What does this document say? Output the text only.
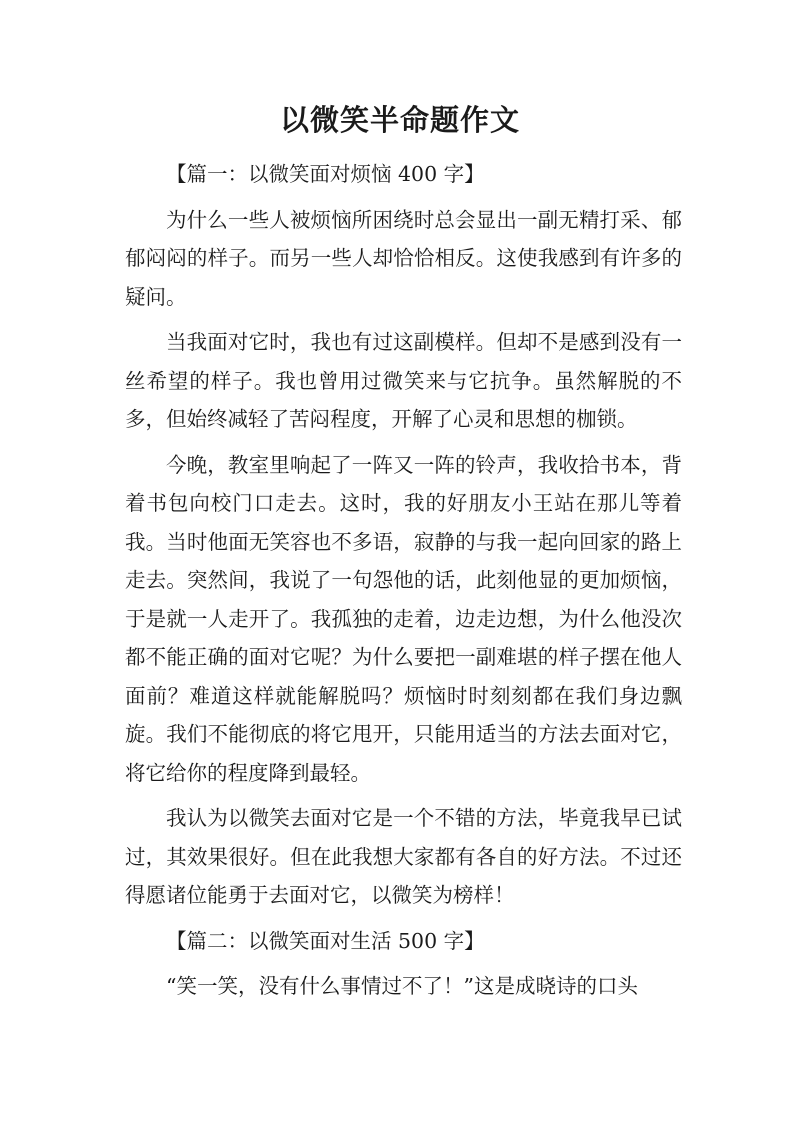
以微笑半命题作文

【篇一：以微笑面对烦恼 400 字】

为什么一些人被烦恼所困绕时总会显出一副无精打采、郁郁闷闷的样子。而另一些人却恰恰相反。这使我感到有许多的疑问。

当我面对它时，我也有过这副模样。但却不是感到没有一丝希望的样子。我也曾用过微笑来与它抗争。虽然解脱的不多，但始终减轻了苦闷程度，开解了心灵和思想的枷锁。

今晚，教室里响起了一阵又一阵的铃声，我收拾书本，背着书包向校门口走去。这时，我的好朋友小王站在那儿等着我。当时他面无笑容也不多语，寂静的与我一起向回家的路上走去。突然间，我说了一句怨他的话，此刻他显的更加烦恼，于是就一人走开了。我孤独的走着，边走边想，为什么他没次都不能正确的面对它呢？为什么要把一副难堪的样子摆在他人面前？难道这样就能解脱吗？烦恼时时刻刻都在我们身边飘旋。我们不能彻底的将它甩开，只能用适当的方法去面对它，将它给你的程度降到最轻。

我认为以微笑去面对它是一个不错的方法，毕竟我早已试过，其效果很好。但在此我想大家都有各自的好方法。不过还得愿诸位能勇于去面对它，以微笑为榜样！

【篇二：以微笑面对生活 500 字】

“笑一笑，没有什么事情过不了！”这是成晓诗的口头
